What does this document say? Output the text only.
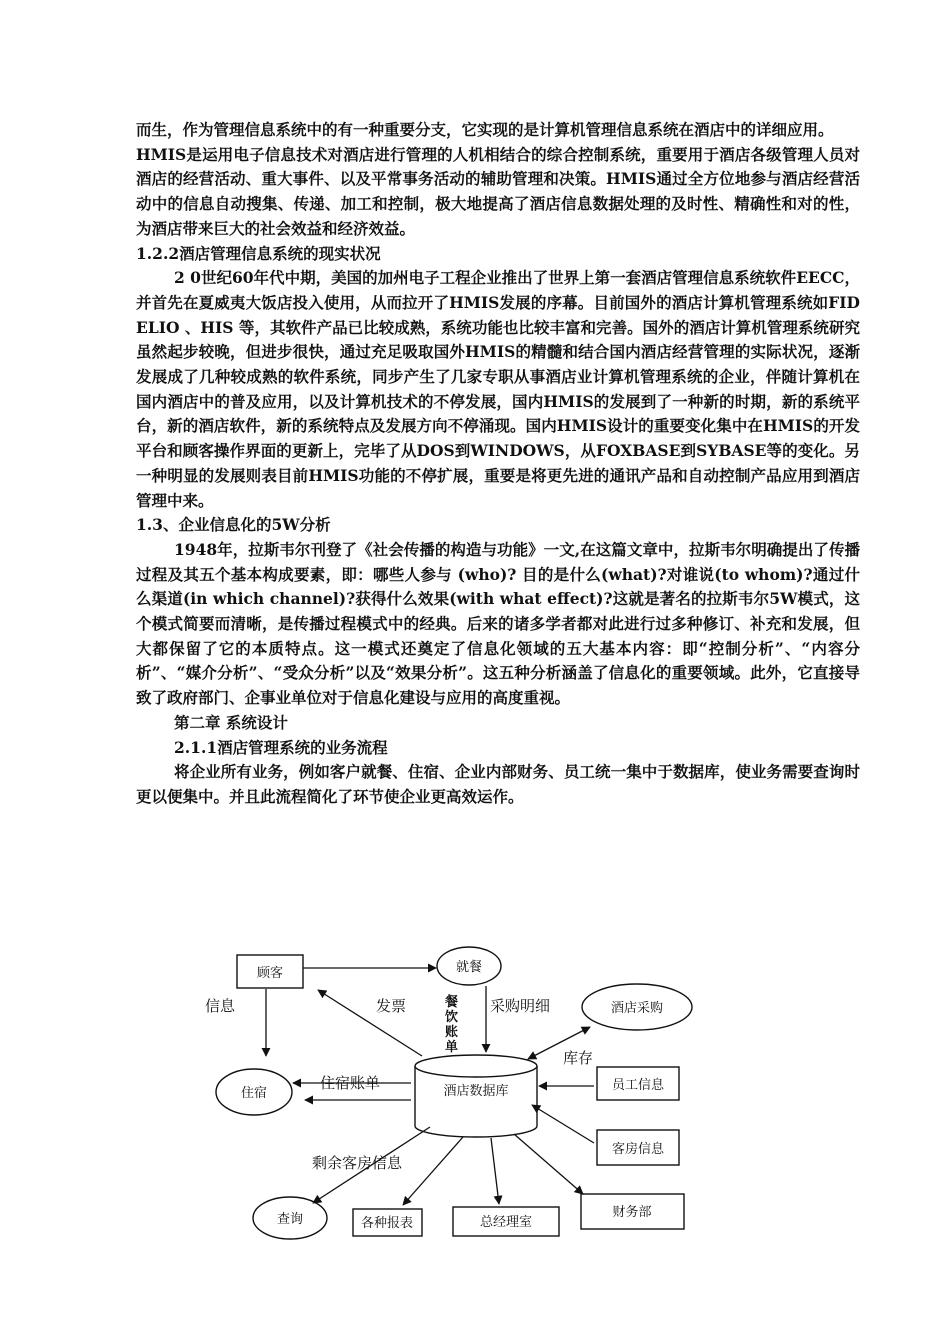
而生，作为管理信息系统中的有一种重要分支，它实现的是计算机管理信息系统在酒店中的详细应用。

HMIS是运用电子信息技术对酒店进行管理的人机相结合的综合控制系统，重要用于酒店各级管理人员对酒店的经营活动、重大事件、以及平常事务活动的辅助管理和决策。HMIS通过全方位地参与酒店经营活动中的信息自动搜集、传递、加工和控制，极大地提高了酒店信息数据处理的及时性、精确性和对的性，为酒店带来巨大的社会效益和经济效益。

1.2.2酒店管理信息系统的现实状况

2 0世纪60年代中期，美国的加州电子工程企业推出了世界上第一套酒店管理信息系统软件EECC，并首先在夏威夷大饭店投入使用，从而拉开了HMIS发展的序幕。目前国外的酒店计算机管理系统如FIDELIO 、HIS 等，其软件产品已比较成熟，系统功能也比较丰富和完善。国外的酒店计算机管理系统研究虽然起步较晚，但进步很快，通过充足吸取国外HMIS的精髓和结合国内酒店经营管理的实际状况，逐渐发展成了几种较成熟的软件系统，同步产生了几家专职从事酒店业计算机管理系统的企业，伴随计算机在国内酒店中的普及应用，以及计算机技术的不停发展，国内HMIS的发展到了一种新的时期，新的系统平台，新的酒店软件，新的系统特点及发展方向不停涌现。国内HMIS设计的重要变化集中在HMIS的开发平台和顾客操作界面的更新上，完毕了从DOS到WINDOWS，从FOXBASE到SYBASE等的变化。另一种明显的发展则表目前HMIS功能的不停扩展，重要是将更先进的通讯产品和自动控制产品应用到酒店管理中来。

1.3、企业信息化的5W分析

1948年，拉斯韦尔刊登了《社会传播的构造与功能》一文,在这篇文章中，拉斯韦尔明确提出了传播过程及其五个基本构成要素，即：哪些人参与 (who)? 目的是什么(what)?对谁说(to whom)?通过什么渠道(in which channel)?获得什么效果(with what effect)?这就是著名的拉斯韦尔5W模式，这个模式简要而清晰，是传播过程模式中的经典。后来的诸多学者都对此进行过多种修订、补充和发展，但大都保留了它的本质特点。这一模式还奠定了信息化领域的五大基本内容：即“控制分析”、“内容分析”、“媒介分析”、“受众分析”以及“效果分析”。这五种分析涵盖了信息化的重要领域。此外，它直接导致了政府部门、企事业单位对于信息化建设与应用的高度重视。

第二章 系统设计

2.1.1酒店管理系统的业务流程

将企业所有业务，例如客户就餐、住宿、企业内部财务、员工统一集中于数据库，使业务需要查询时更以便集中。并且此流程简化了环节使企业更高效运作。

顾客	就餐
酒店采购
住宿	酒店数据库	员工信息
客房信息
查询	各种报表	总经理室
财务部
信息	发票	餐
饮
账
单
采购明细
库存
住宿账单
剩余客房信息
